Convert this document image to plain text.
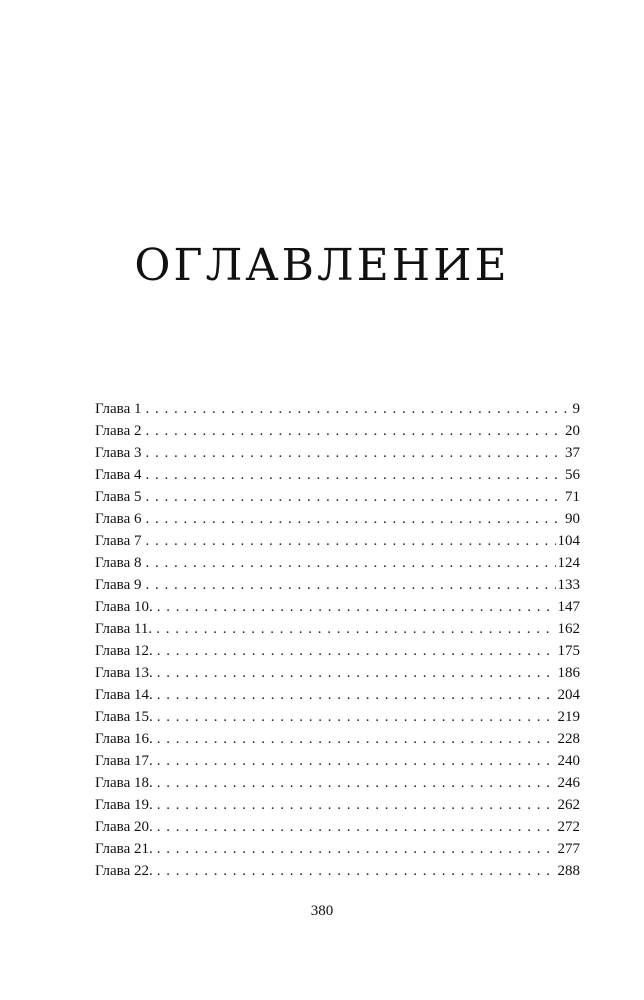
ОГЛАВЛЕНИЕ
Глава 1 . . .	9
Глава 2 . . .	20
Глава 3 . . .	37
Глава 4 . . .	56
Глава 5 . . .	71
Глава 6 . . .	90
Глава 7 . . .	104
Глава 8 . . .	124
Глава 9 . . .	133
Глава 10. . . .	147
Глава 11. . . .	162
Глава 12. . . .	175
Глава 13. . . .	186
Глава 14. . . .	204
Глава 15. . . .	219
Глава 16. . . .	228
Глава 17. . . .	240
Глава 18. . . .	246
Глава 19. . . .	262
Глава 20. . . .	272
Глава 21. . . .	277
Глава 22. . . .	288
380
